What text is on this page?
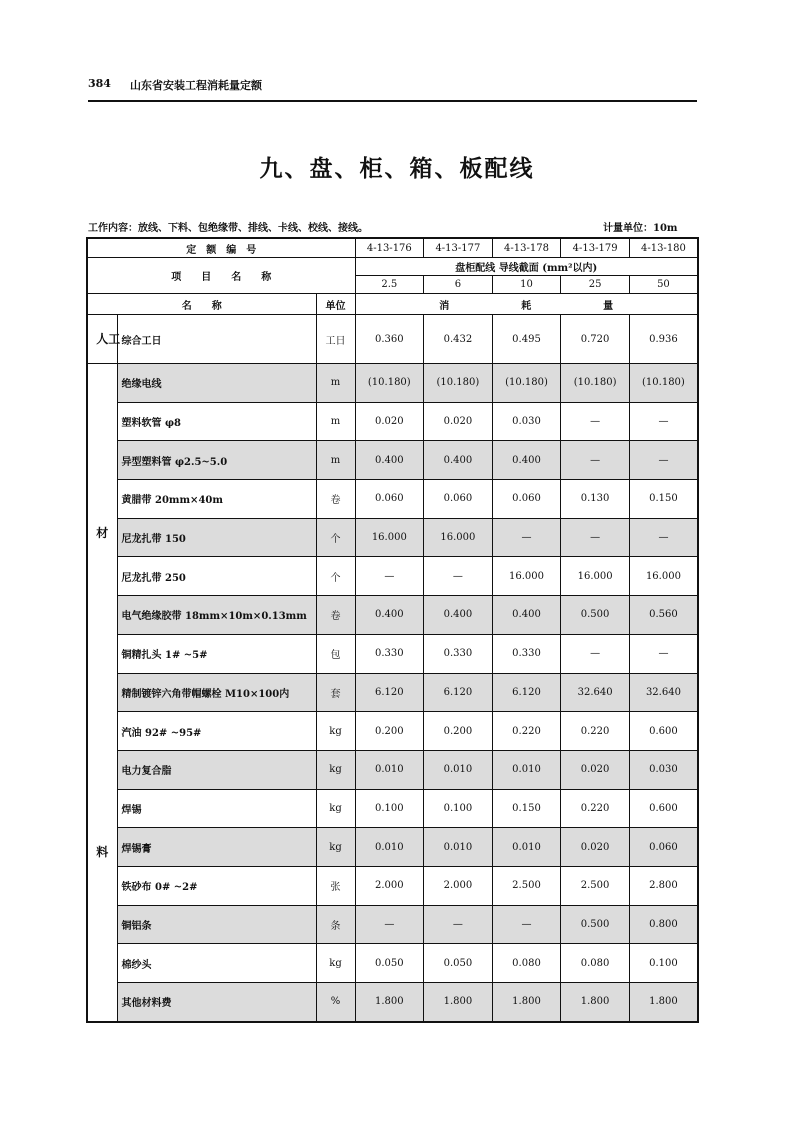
384 山东省安装工程消耗量定额
九、盘、柜、箱、板配线
工作内容：放线、下料、包绝缘带、排线、卡线、校线、接线。	计量单位：10m
定　额　编　号			4-13-176	4-13-177	4-13-178	4-13-179	4-13-180
项　　目　　名　　称			盘柜配线 导线截面 (mm²以内)				
			2.5	6	10	25	50
名　　称		单位	消 耗 量				

人工	综合工日	工日	0.360	0.432	0.495	0.720	0.936

材
料	绝缘电线	m	(10.180)	(10.180)	(10.180)	(10.180)	(10.180)
	塑料软管 φ8	m	0.020	0.020	0.030	—	—
	异型塑料管 φ2.5~5.0	m	0.400	0.400	0.400	—	—
	黄腊带 20mm×40m	卷	0.060	0.060	0.060	0.130	0.150
	尼龙扎带 150	个	16.000	16.000	—	—	—
	尼龙扎带 250	个	—	—	16.000	16.000	16.000
	电气绝缘胶带 18mm×10m×0.13mm	卷	0.400	0.400	0.400	0.500	0.560
	铜精扎头 1# ~5#	包	0.330	0.330	0.330	—	—
	精制镀锌六角带帽螺栓 M10×100内	套	6.120	6.120	6.120	32.640	32.640
	汽油 92# ~95#	kg	0.200	0.200	0.220	0.220	0.600
	电力复合脂	kg	0.010	0.010	0.010	0.020	0.030
	焊锡	kg	0.100	0.100	0.150	0.220	0.600
	焊锡膏	kg	0.010	0.010	0.010	0.020	0.060
	铁砂布 0# ~2#	张	2.000	2.000	2.500	2.500	2.800
	铜铝条	条	—	—	—	0.500	0.800
	棉纱头	kg	0.050	0.050	0.080	0.080	0.100
	其他材料费	%	1.800	1.800	1.800	1.800	1.800
